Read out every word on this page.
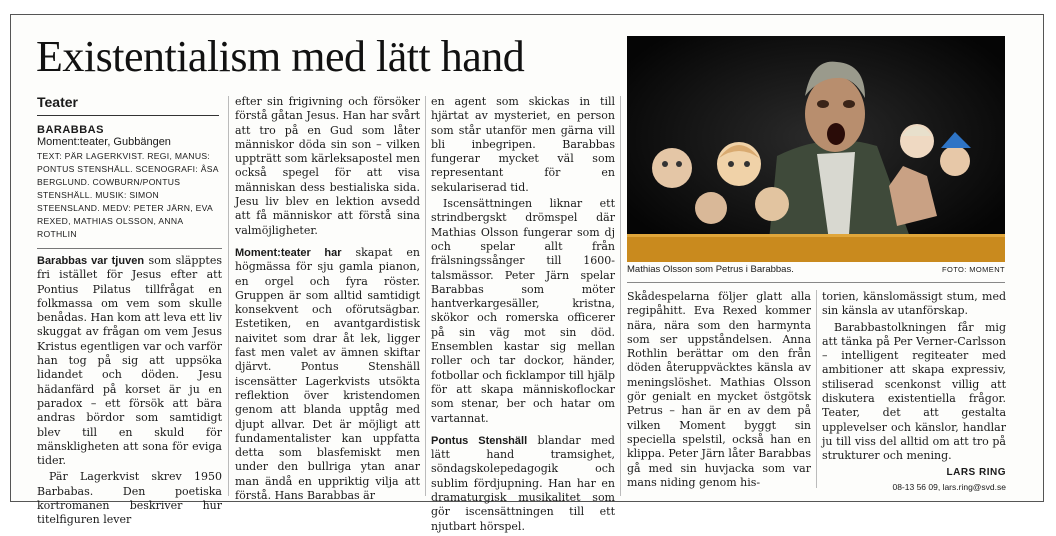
Existentialism med lätt hand
Teater
BARABBAS
Moment:teater, Gubbängen
TEXT: PÄR LAGERKVIST. REGI, MANUS: PONTUS STENSHÄLL. SCENOGRAFI: ÅSA BERGLUND. COWBURN/PONTUS STENSHÄLL. MUSIK: SIMON STEENSLAND. MEDV: PETER JÄRN, EVA REXED, MATHIAS OLSSON, ANNA ROTHLIN

Barabbas var tjuven som släpptes fri istället för Jesus efter att Pontius Pilatus tillfrågat en folkmassa om vem som skulle benådas. Han kom att leva ett liv skuggat av frågan om vem Jesus Kristus egentligen var och varför han tog på sig att uppsöka lidandet och döden. Jesu hädanfärd på korset är ju en paradox – ett försök att bära andras bördor som samtidigt blev till en skuld för mänskligheten att sona för eviga tider.

Pär Lagerkvist skrev 1950 Barbabas. Den poetiska kortromanen beskriver hur titelfiguren lever

efter sin frigivning och försöker förstå gåtan Jesus. Han har svårt att tro på en Gud som låter människor döda sin son – vilken uppträtt som kärleksapostel men också spegel för att visa människan dess bestialiska sida. Jesu liv blev en lektion avsedd att få människor att förstå sina valmöjligheter.

Moment:teater har skapat en högmässa för sju gamla pianon, en orgel och fyra röster. Gruppen är som alltid samtidigt konsekvent och oförutsägbar. Estetiken, en avantgardistisk naivitet som drar åt lek, ligger fast men valet av ämnen skiftar djärvt. Pontus Stenshäll iscensätter Lagerkvists utsökta reflektion över kristendomen genom att blanda upptåg med djupt allvar. Det är möjligt att fundamentalister kan uppfatta detta som blasfemiskt men under den bullriga ytan anar man ändå en uppriktig vilja att förstå. Hans Barabbas är

en agent som skickas in till hjärtat av mysteriet, en person som står utanför men gärna vill bli inbegripen. Barabbas fungerar mycket väl som representant för en sekulariserad tid.

Iscensättningen liknar ett strindbergskt drömspel där Mathias Olsson fungerar som dj och spelar allt från frälsningssånger till 1600-talsmässor. Peter Järn spelar Barabbas som möter hantverkargesäller, kristna, skökor och romerska officerer på sin väg mot sin död. Ensemblen kastar sig mellan roller och tar dockor, händer, fotbollar och ficklampor till hjälp för att skapa människoflockar som stenar, ber och hatar om vartannat.

Pontus Stenshäll blandar med lätt hand tramsighet, söndagskolepedagogik och sublim fördjupning. Han har en dramaturgisk musikalitet som gör iscensättningen till ett njutbart hörspel.

Mathias Olsson som Petrus i Barabbas.	FOTO: MOMENT

Skådespelarna följer glatt alla regipåhitt. Eva Rexed kommer nära, nära som den harmynta som ser uppståndelsen. Anna Rothlin berättar om den från döden återuppväcktes känsla av meningslöshet. Mathias Olsson gör genialt en mycket östgötsk Petrus – han är en av dem på vilken Moment byggt sin speciella spelstil, också han en klippa. Peter Järn låter Barabbas gå med sin huvjacka som var mans niding genom his-

torien, känslomässigt stum, med sin känsla av utanförskap.

Barabbastolkningen får mig att tänka på Per Verner-Carlsson – intelligent regiteater med ambitioner att skapa expressiv, stiliserad scenkonst villig att diskutera existentiella frågor. Teater, det att gestalta upplevelser och känslor, handlar ju till viss del alltid om att tro på strukturer och mening.

LARS RING
08-13 56 09, lars.ring@svd.se
